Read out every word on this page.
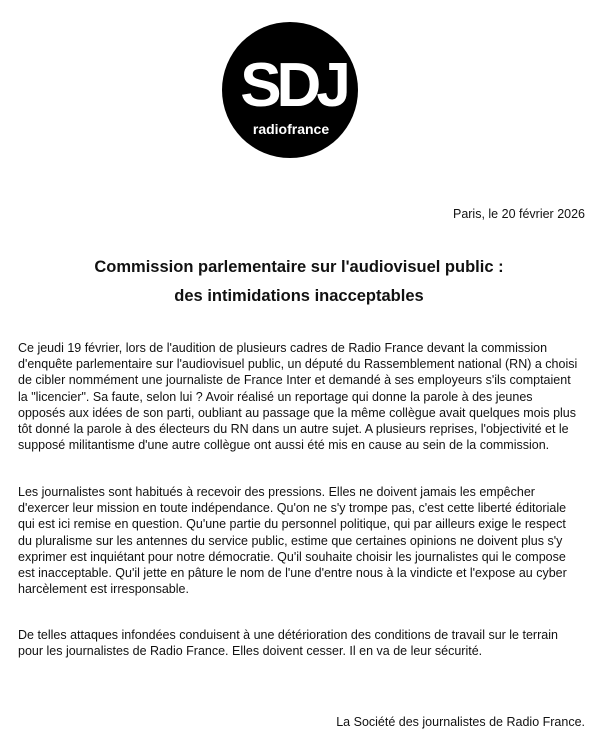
SDJ
radiofrance
Paris, le 20 février 2026
Commission parlementaire sur l'audiovisuel public :
des intimidations inacceptables
Ce jeudi 19 février, lors de l'audition de plusieurs cadres de Radio France devant la commission
d'enquête parlementaire sur l'audiovisuel public, un député du Rassemblement national (RN) a choisi
de cibler nommément une journaliste de France Inter et demandé à ses employeurs s'ils comptaient
la "licencier". Sa faute, selon lui ? Avoir réalisé un reportage qui donne la parole à des jeunes
opposés aux idées de son parti, oubliant au passage que la même collègue avait quelques mois plus
tôt donné la parole à des électeurs du RN dans un autre sujet. A plusieurs reprises, l'objectivité et le
supposé militantisme d'une autre collègue ont aussi été mis en cause au sein de la commission.
Les journalistes sont habitués à recevoir des pressions. Elles ne doivent jamais les empêcher
d'exercer leur mission en toute indépendance. Qu'on ne s'y trompe pas, c'est cette liberté éditoriale
qui est ici remise en question. Qu'une partie du personnel politique, qui par ailleurs exige le respect
du pluralisme sur les antennes du service public, estime que certaines opinions ne doivent plus s'y
exprimer est inquiétant pour notre démocratie. Qu'il souhaite choisir les journalistes qui le compose
est inacceptable. Qu'il jette en pâture le nom de l'une d'entre nous à la vindicte et l'expose au cyber
harcèlement est irresponsable.
De telles attaques infondées conduisent à une détérioration des conditions de travail sur le terrain
pour les journalistes de Radio France. Elles doivent cesser. Il en va de leur sécurité.
La Société des journalistes de Radio France.
